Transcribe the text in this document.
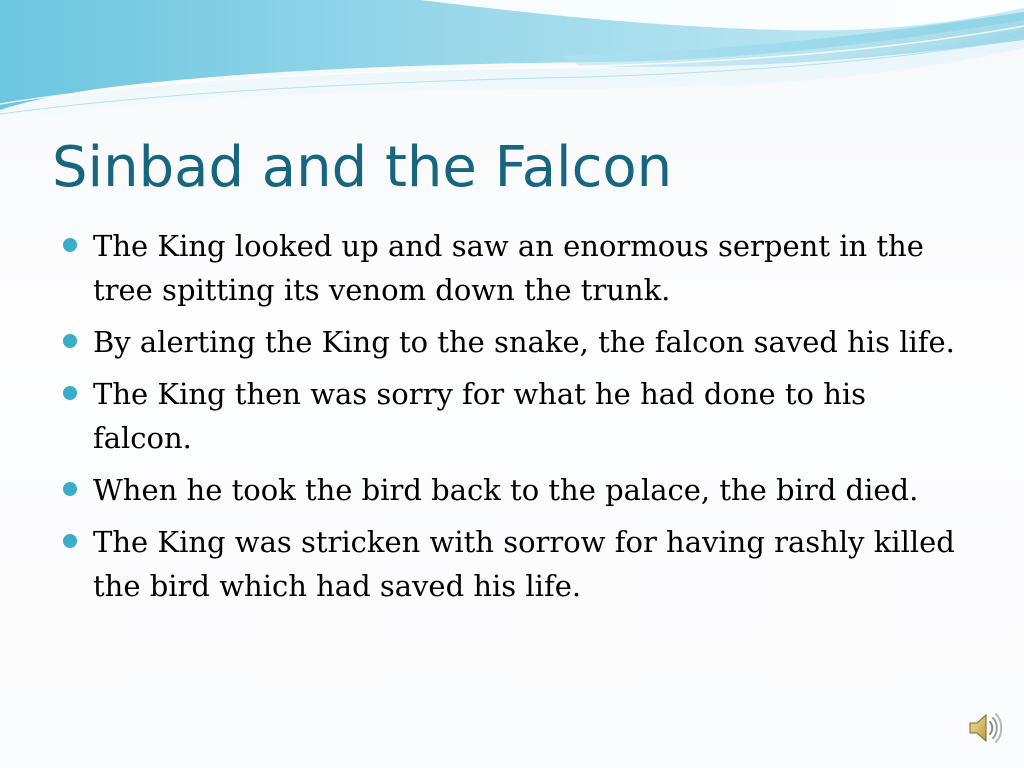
Sinbad and the Falcon
The King looked up and saw an enormous serpent in the tree spitting its venom down the trunk.
By alerting the King to the snake, the falcon saved his life.
The King then was sorry for what he had done to his falcon.
When he took the bird back to the palace, the bird died.
The King was stricken with sorrow for having rashly killed the bird which had saved his life.
